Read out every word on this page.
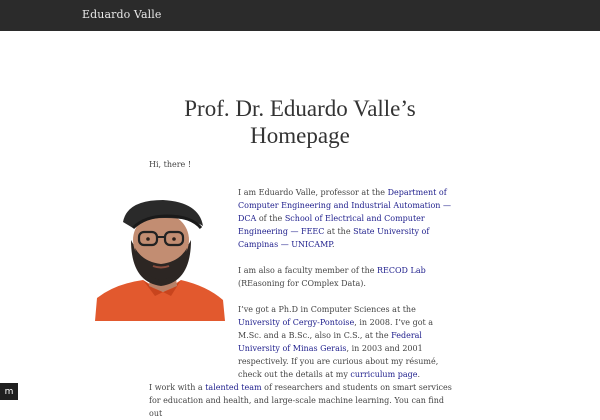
Eduardo Valle
Prof. Dr. Eduardo Valle’s
Homepage

Hi, there !

I am Eduardo Valle, professor at the Department of Computer Engineering and Industrial Automation — DCA of the School of Electrical and Computer Engineering — FEEC at the State University of Campinas — UNICAMP.

I am also a faculty member of the RECOD Lab (REasoning for COmplex Data).

I’ve got a Ph.D in Computer Sciences at the University of Cergy-Pontoise, in 2008. I’ve got a M.Sc. and a B.Sc., also in C.S., at the Federal University of Minas Gerais, in 2003 and 2001 respectively. If you are curious about my résumé, check out the details at my curriculum page.

I work with a talented team of researchers and students on smart services for education and health, and large-scale machine learning. You can find out

m
